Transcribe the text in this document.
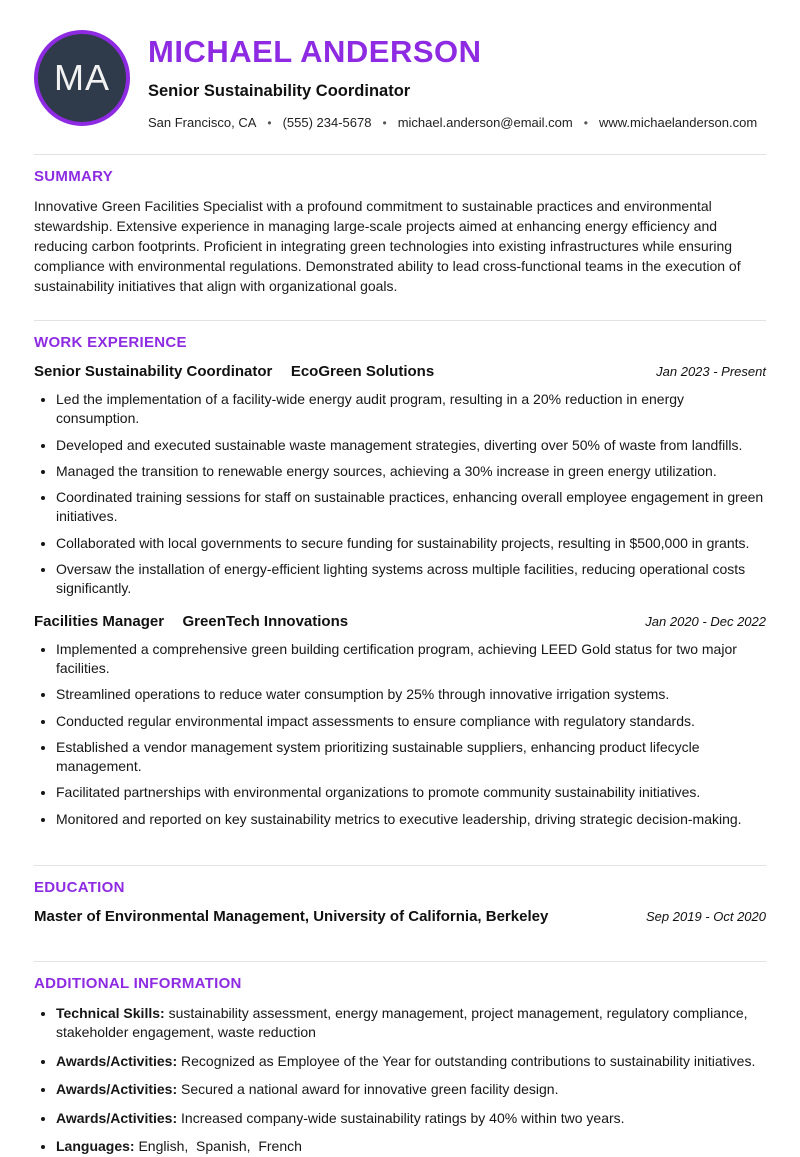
MA
MICHAEL ANDERSON
Senior Sustainability Coordinator
San Francisco, CA • (555) 234-5678 • michael.anderson@email.com
• www.michaelanderson.com
SUMMARY

Innovative Green Facilities Specialist with a profound commitment to sustainable practices and environmental stewardship. Extensive experience in managing large-scale projects aimed at enhancing energy efficiency and reducing carbon footprints. Proficient in integrating green technologies into existing infrastructures while ensuring compliance with environmental regulations. Demonstrated ability to lead cross-functional teams in the execution of sustainability initiatives that align with organizational goals.

WORK EXPERIENCE
Senior Sustainability Coordinator EcoGreen Solutions	Jan 2023 - Present
• Led the implementation of a facility-wide energy audit program, resulting in a 20% reduction in energy consumption.
• Developed and executed sustainable waste management strategies, diverting over 50% of waste from landfills.
• Managed the transition to renewable energy sources, achieving a 30% increase in green energy utilization.
• Coordinated training sessions for staff on sustainable practices, enhancing overall employee engagement in green initiatives.
• Collaborated with local governments to secure funding for sustainability projects, resulting in $500,000 in grants.
• Oversaw the installation of energy-efficient lighting systems across multiple facilities, reducing operational costs significantly.
Facilities Manager GreenTech Innovations	Jan 2020 - Dec 2022
• Implemented a comprehensive green building certification program, achieving LEED Gold status for two major facilities.
• Streamlined operations to reduce water consumption by 25% through innovative irrigation systems.
• Conducted regular environmental impact assessments to ensure compliance with regulatory standards.
• Established a vendor management system prioritizing sustainable suppliers, enhancing product lifecycle management.
• Facilitated partnerships with environmental organizations to promote community sustainability initiatives.
• Monitored and reported on key sustainability metrics to executive leadership, driving strategic decision-making.
EDUCATION
Master of Environmental Management, University of California, Berkeley	Sep 2019 - Oct 2020
ADDITIONAL INFORMATION
• Technical Skills: sustainability assessment, energy management, project management, regulatory compliance, stakeholder engagement, waste reduction
• Awards/Activities: Recognized as Employee of the Year for outstanding contributions to sustainability initiatives.
• Awards/Activities: Secured a national award for innovative green facility design.
• Awards/Activities: Increased company-wide sustainability ratings by 40% within two years.
• Languages: English,  Spanish,  French
